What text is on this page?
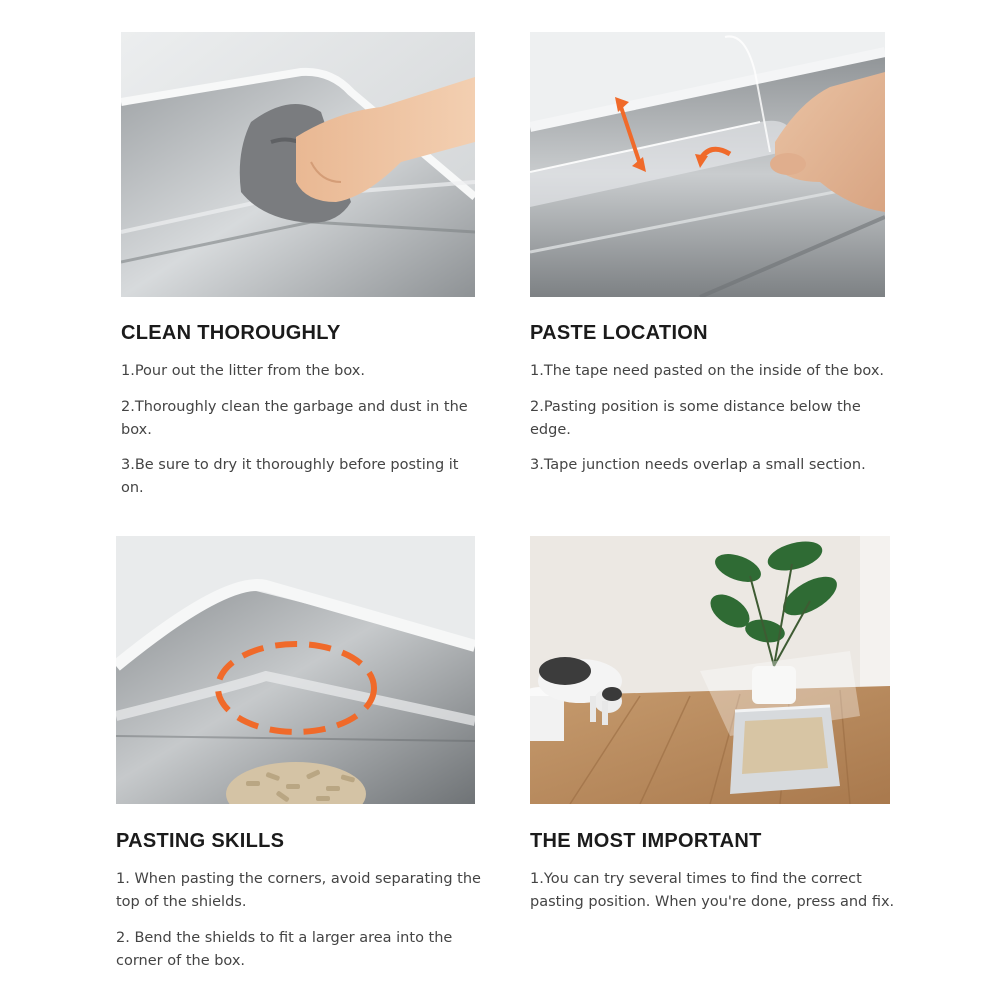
CLEAN THOROUGHLY
1.Pour out the litter from the box.
2.Thoroughly clean the garbage and dust in the box.
3.Be sure to dry it thoroughly before posting it on.
PASTE LOCATION
1.The tape need pasted on the inside of the box.
2.Pasting position is some distance below the edge.
3.Tape junction needs overlap a small section.
PASTING SKILLS
1. When pasting the corners, avoid separating the top of the shields.
2. Bend the shields to fit a larger area into the corner of the box.
THE MOST IMPORTANT
1.You can try several times to find the correct pasting position. When you're done, press and fix.
